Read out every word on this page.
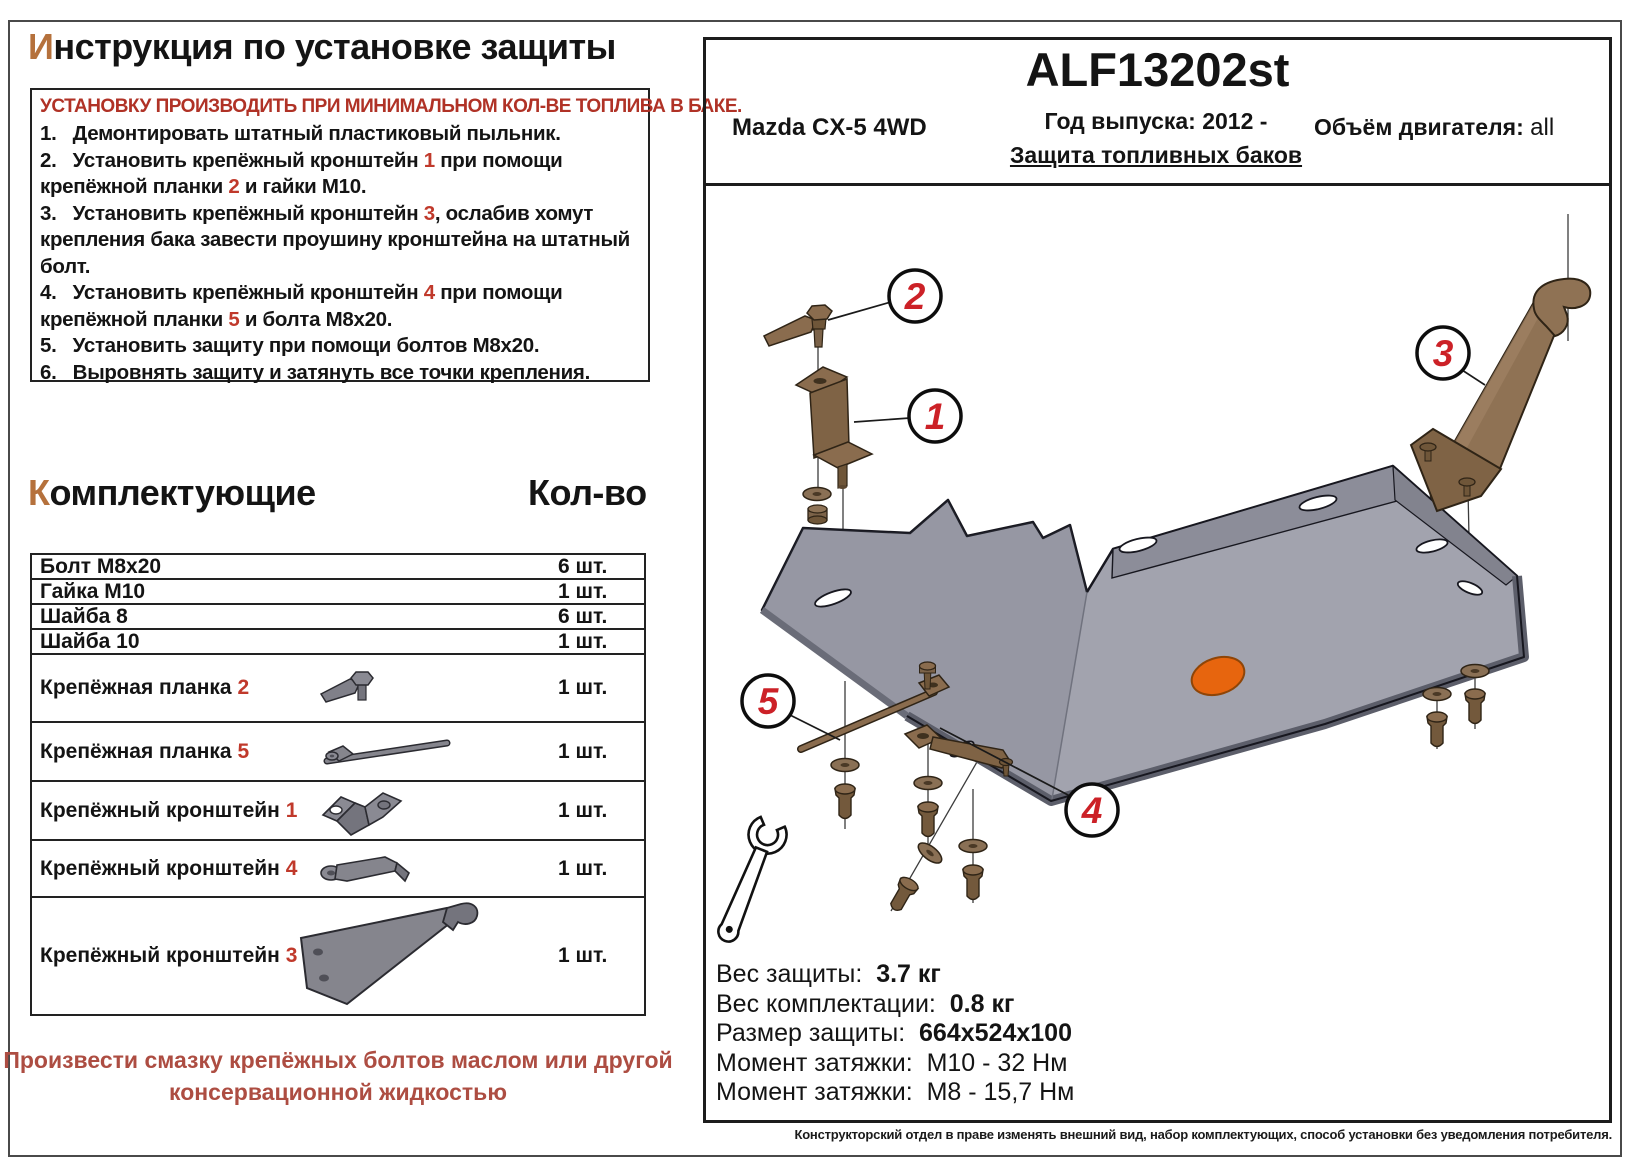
Инструкция по установке защиты
УСТАНОВКУ ПРОИЗВОДИТЬ ПРИ МИНИМАЛЬНОМ КОЛ-ВЕ ТОПЛИВА В БАКЕ.
1.   Демонтировать штатный пластиковый пыльник.
2.   Установить крепёжный кронштейн 1 при помощи крепёжной планки 2 и гайки М10.
3.   Установить крепёжный кронштейн 3, ослабив хомут крепления бака завести проушину кронштейна на штатный болт.
4.   Установить крепёжный кронштейн 4 при помощи крепёжной планки 5 и болта М8х20.
5.   Установить защиту при помощи болтов М8х20.
6.   Выровнять защиту и затянуть все точки крепления.
Комплектующие	Кол-во
Болт М8х20	6 шт.
Гайка М10	1 шт.
Шайба 8	6 шт.
Шайба 10	1 шт.
Крепёжная планка 2	1 шт.
Крепёжная планка 5	1 шт.
Крепёжный кронштейн 1	1 шт.
Крепёжный кронштейн 4	1 шт.
Крепёжный кронштейн 3	1 шт.
Произвести смазку крепёжных болтов маслом или другой
консервационной жидкостью
ALF13202st
Mazda CX-5 4WD	Год выпуска: 2012 -
Защита топливных баков
Объём двигателя: all
2
1
3
5
4
Вес защиты:  3.7 кг
Вес комплектации:  0.8 кг
Размер защиты:  664x524x100
Момент затяжки:  М10 - 32 Нм
Момент затяжки:  М8 - 15,7 Нм
Конструкторский отдел в праве изменять внешний вид, набор комплектующих, способ установки без уведомления потребителя.
